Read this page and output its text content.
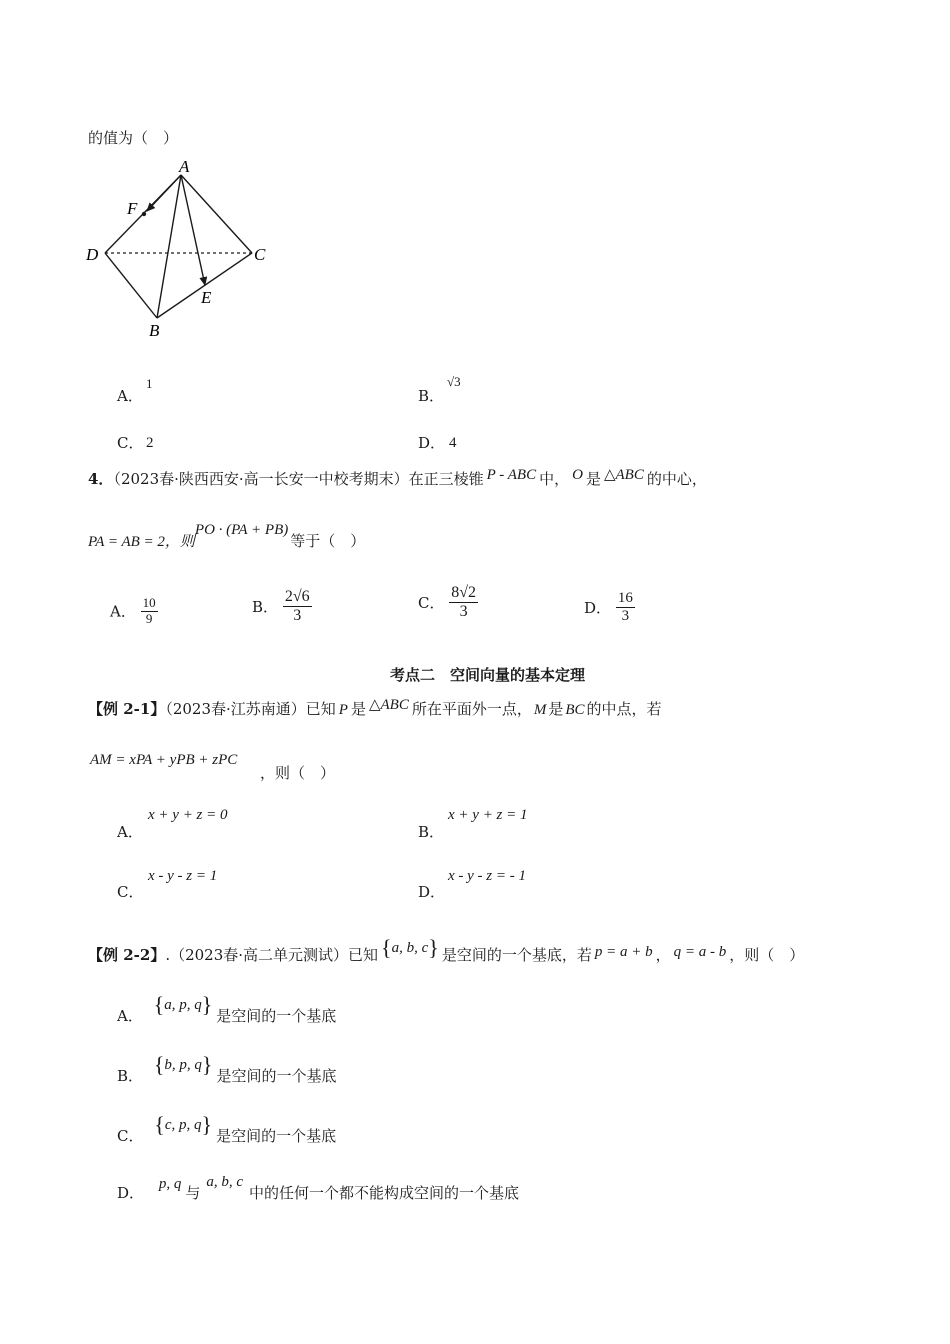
的值为（　）
A
F
D	C
E
B
A．
1
B．
√3
C． 2	D． 4
4．（2023春·陕西西安·高一长安一中校考期末）在正三棱锥 P - ABC 中， O 是 △ABC 的中心，
PA = AB = 2，则PO · (PA + PB)等于（　）
A． $\frac{10}{9}$	B． $\frac{2√6}{3}$	C． $\frac{8√2}{3}$	D． $\frac{16}{3}$
考点二　空间向量的基本定理
【例 2-1】（2023春·江苏南通）已知 P 是 △ABC 所在平面外一点， M 是 BC 的中点，若
AM = xPA + yPB + zPC
，则（　）
A．
x + y + z = 0
B．
x + y + z = 1
C．
x - y - z = 1
D．
x - y - z = - 1
【例 2-2】.（2023春·高二单元测试）已知 {a, b, c} 是空间的一个基底，若 p = a + b ， q = a - b ，则（　）
A． {a, p, q} 是空间的一个基底
B． {b, p, q} 是空间的一个基底
C． {c, p, q} 是空间的一个基底
D． p, q 与a, b, c中的任何一个都不能构成空间的一个基底
